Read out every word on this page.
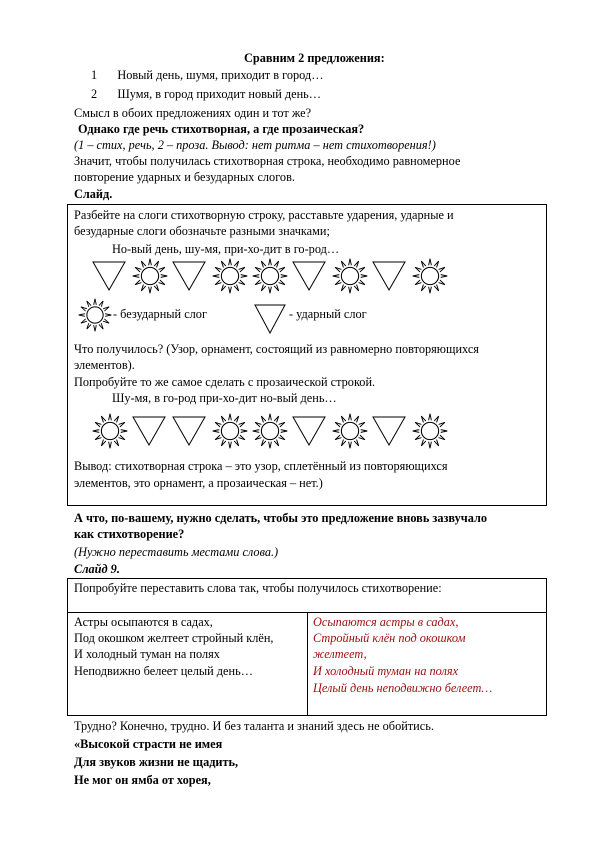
Сравним 2 предложения:
1 Новый день, шумя, приходит в город…
2 Шумя, в город приходит новый день…
Смысл в обоих предложениях один и тот же?
Однако где речь стихотворная, а где прозаическая?
(1 – стих, речь, 2 – проза. Вывод: нет ритма – нет стихотворения!)
Значит, чтобы получилась стихотворная строка, необходимо равномерное
повторение ударных и безударных слогов.
Слайд.
Разбейте на слоги стихотворную строку, расставьте ударения, ударные и
безударные слоги обозначьте разными значками;
Но-вый день, шу-мя, при-хо-дит в го-род…
- безударный слог	- ударный слог
Что получилось? (Узор, орнамент, состоящий из равномерно повторяющихся
элементов).
Попробуйте то же самое сделать с прозаической строкой.
Шу-мя, в го-род при-хо-дит но-вый день…
Вывод: стихотворная строка – это узор, сплетённый из повторяющихся
элементов, это орнамент, а прозаическая – нет.)
А что, по-вашему, нужно сделать, чтобы это предложение вновь зазвучало
как стихотворение?
(Нужно переставить местами слова.)
Слайд 9.
Попробуйте переставить слова так, чтобы получилось стихотворение:
Астры осыпаются в садах,
Под окошком желтеет стройный клён,
И холодный туман на полях
Неподвижно белеет целый день…
Осыпаются астры в садах,
Стройный клён под окошком
желтеет,
И холодный туман на полях
Целый день неподвижно белеет…
Трудно? Конечно, трудно. И без таланта и знаний здесь не обойтись.
«Высокой страсти не имея
Для звуков жизни не щадить,
Не мог он ямба от хорея,
